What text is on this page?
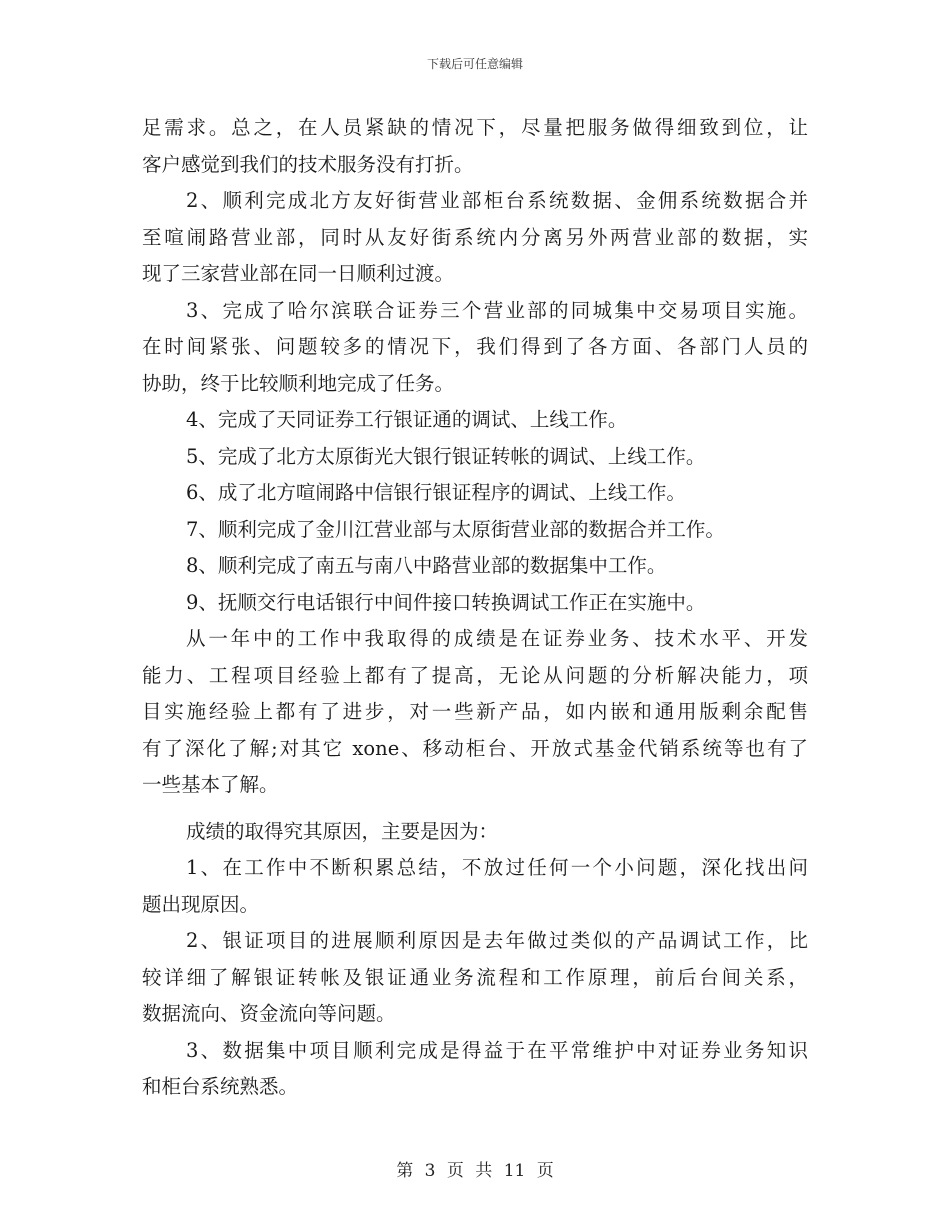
下载后可任意编辑
足需求。总之，在人员紧缺的情况下，尽量把服务做得细致到位，让
客户感觉到我们的技术服务没有打折。
2、顺利完成北方友好街营业部柜台系统数据、金佣系统数据合并
至喧闹路营业部，同时从友好街系统内分离另外两营业部的数据，实
现了三家营业部在同一日顺利过渡。
3、完成了哈尔滨联合证券三个营业部的同城集中交易项目实施。
在时间紧张、问题较多的情况下，我们得到了各方面、各部门人员的
协助，终于比较顺利地完成了任务。
4、完成了天同证券工行银证通的调试、上线工作。
5、完成了北方太原街光大银行银证转帐的调试、上线工作。
6、成了北方喧闹路中信银行银证程序的调试、上线工作。
7、顺利完成了金川江营业部与太原街营业部的数据合并工作。
8、顺利完成了南五与南八中路营业部的数据集中工作。
9、抚顺交行电话银行中间件接口转换调试工作正在实施中。
从一年中的工作中我取得的成绩是在证券业务、技术水平、开发
能力、工程项目经验上都有了提高，无论从问题的分析解决能力，项
目实施经验上都有了进步，对一些新产品，如内嵌和通用版剩余配售
有了深化了解;对其它 xone、移动柜台、开放式基金代销系统等也有了
一些基本了解。
成绩的取得究其原因，主要是因为：
1、在工作中不断积累总结，不放过任何一个小问题，深化找出问
题出现原因。
2、银证项目的进展顺利原因是去年做过类似的产品调试工作，比
较详细了解银证转帐及银证通业务流程和工作原理，前后台间关系，
数据流向、资金流向等问题。
3、数据集中项目顺利完成是得益于在平常维护中对证券业务知识
和柜台系统熟悉。
第 3 页 共 11 页
